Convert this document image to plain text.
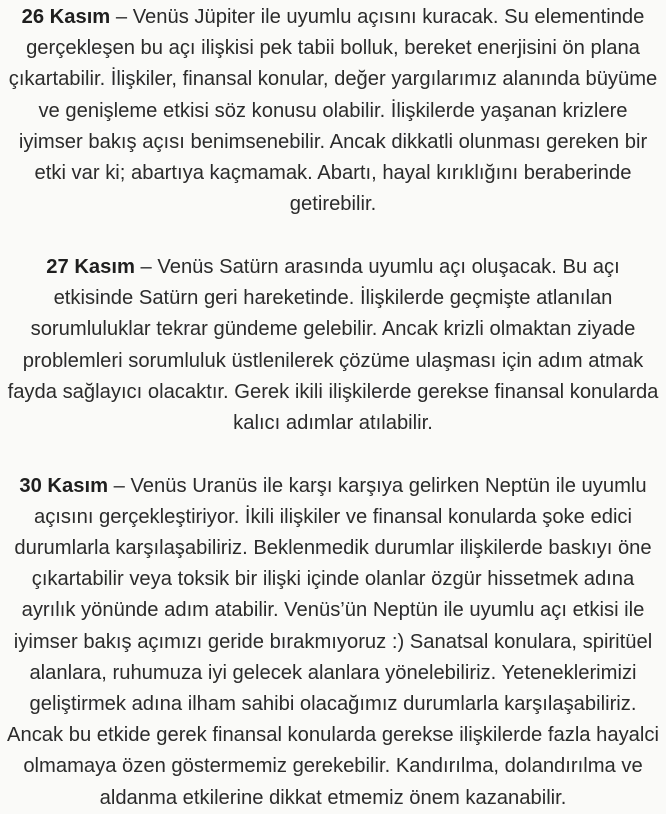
26 Kasım – Venüs Jüpiter ile uyumlu açısını kuracak. Su elementinde gerçekleşen bu açı ilişkisi pek tabii bolluk, bereket enerjisini ön plana çıkartabilir. İlişkiler, finansal konular, değer yargılarımız alanında büyüme ve genişleme etkisi söz konusu olabilir. İlişkilerde yaşanan krizlere iyimser bakış açısı benimsenebilir. Ancak dikkatli olunması gereken bir etki var ki; abartıya kaçmamak. Abartı, hayal kırıklığını beraberinde getirebilir.

27 Kasım – Venüs Satürn arasında uyumlu açı oluşacak. Bu açı etkisinde Satürn geri hareketinde. İlişkilerde geçmişte atlanılan sorumluluklar tekrar gündeme gelebilir. Ancak krizli olmaktan ziyade problemleri sorumluluk üstlenilerek çözüme ulaşması için adım atmak fayda sağlayıcı olacaktır. Gerek ikili ilişkilerde gerekse finansal konularda kalıcı adımlar atılabilir.

30 Kasım – Venüs Uranüs ile karşı karşıya gelirken Neptün ile uyumlu açısını gerçekleştiriyor. İkili ilişkiler ve finansal konularda şoke edici durumlarla karşılaşabiliriz. Beklenmedik durumlar ilişkilerde baskıyı öne çıkartabilir veya toksik bir ilişki içinde olanlar özgür hissetmek adına ayrılık yönünde adım atabilir. Venüs’ün Neptün ile uyumlu açı etkisi ile iyimser bakış açımızı geride bırakmıyoruz :) Sanatsal konulara, spiritüel alanlara, ruhumuza iyi gelecek alanlara yönelebiliriz. Yeteneklerimizi geliştirmek adına ilham sahibi olacağımız durumlarla karşılaşabiliriz. Ancak bu etkide gerek finansal konularda gerekse ilişkilerde fazla hayalci olmamaya özen göstermemiz gerekebilir. Kandırılma, dolandırılma ve aldanma etkilerine dikkat etmemiz önem kazanabilir.
